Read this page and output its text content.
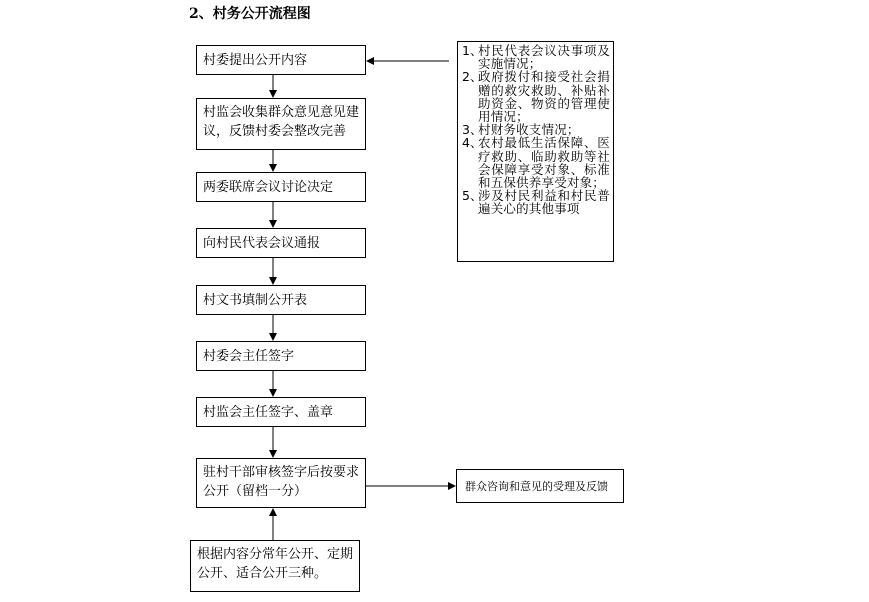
2、村务公开流程图
村委提出公开内容
村监会收集群众意见意见建议，反馈村委会整改完善
两委联席会议讨论决定
向村民代表会议通报
村文书填制公开表
村委会主任签字
村监会主任签字、盖章
驻村干部审核签字后按要求公开（留档一分）
根据内容分常年公开、定期公开、适合公开三种。
1、
村民代表会议决事项及实施情况；
2、
政府拨付和接受社会捐赠的救灾救助、补贴补助资金、物资的管理使用情况；
3、
村财务收支情况；
4、
农村最低生活保障、医疗救助、临助救助等社会保障享受对象、标准和五保供养享受对象；
5、
涉及村民利益和村民普遍关心的其他事项
群众咨询和意见的受理及反馈
